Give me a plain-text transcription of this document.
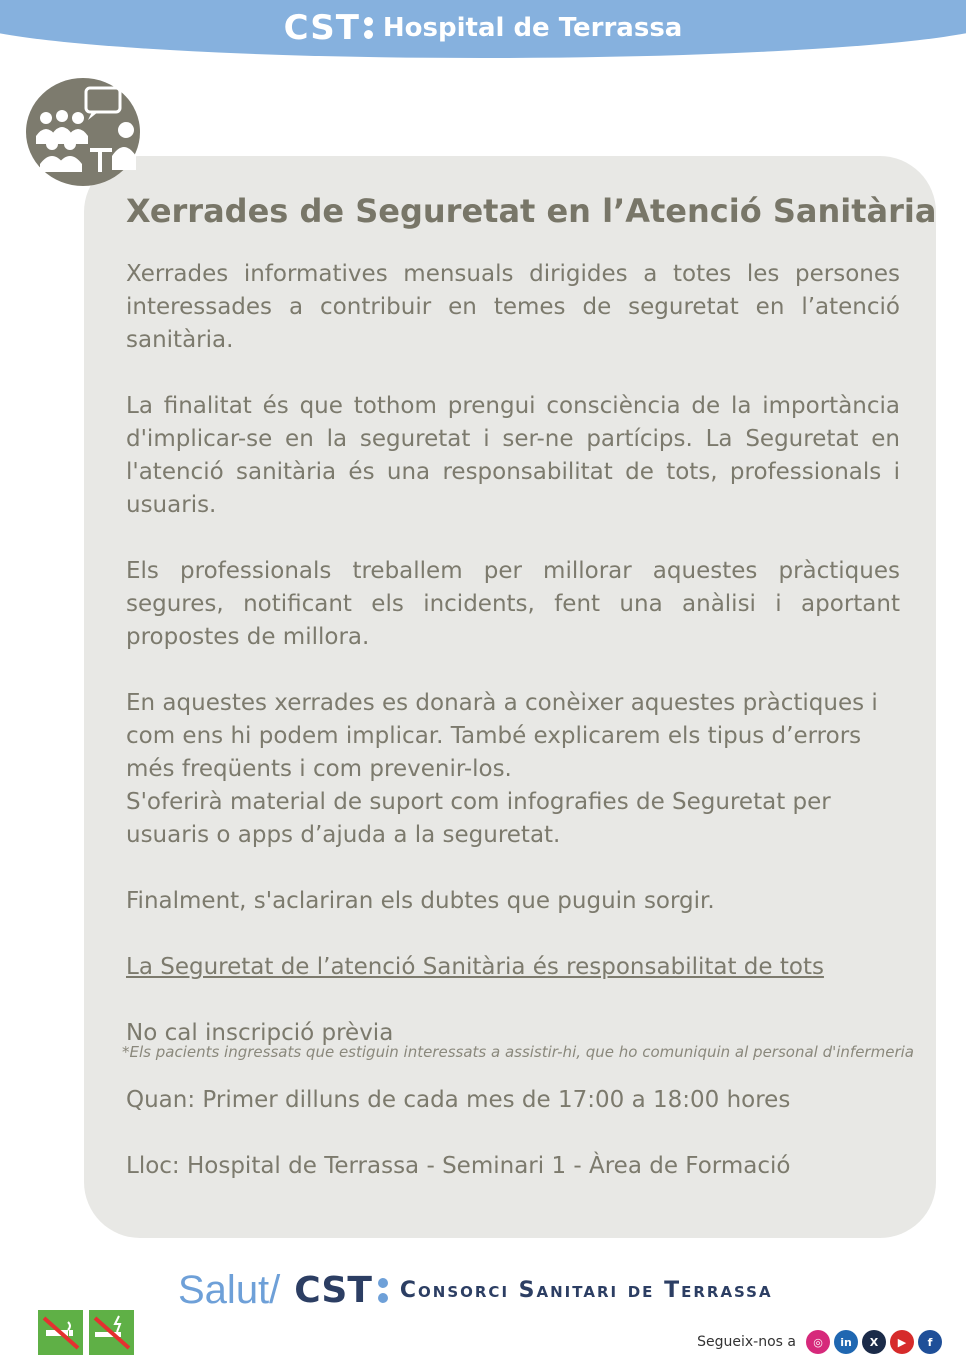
CST Hospital de Terrassa
Xerrades de Seguretat en l’Atenció Sanitària

Xerrades informatives mensuals dirigides a totes les persones interessades a contribuir en temes de seguretat en l’atenció sanitària.

La finalitat és que tothom prengui consciència de la importància d'implicar-se en la seguretat i ser-ne partícips. La Seguretat en l'atenció sanitària és una responsabilitat de tots, professionals i usuaris.

Els professionals treballem per millorar aquestes pràctiques segures, notificant els incidents, fent una anàlisi i aportant propostes de millora.

En aquestes xerrades es donarà a conèixer aquestes pràctiques i com ens hi podem implicar. També explicarem els tipus d’errors més freqüents i com prevenir-los.

S'oferirà material de suport com infografies de Seguretat per usuaris o apps d’ajuda a la seguretat.

Finalment, s'aclariran els dubtes que puguin sorgir.

La Seguretat de l’atenció Sanitària és responsabilitat de tots

No cal inscripció prèvia

*Els pacients ingressats que estiguin interessats a assistir-hi, que ho comuniquin al personal d'infermeria

Quan: Primer dilluns de cada mes de 17:00 a 18:00 hores

Lloc: Hospital de Terrassa - Seminari 1 - Àrea de Formació

Salut/ CST Consorci Sanitari de Terrassa
Segueix-nos a	◎	in	X	▶	f
